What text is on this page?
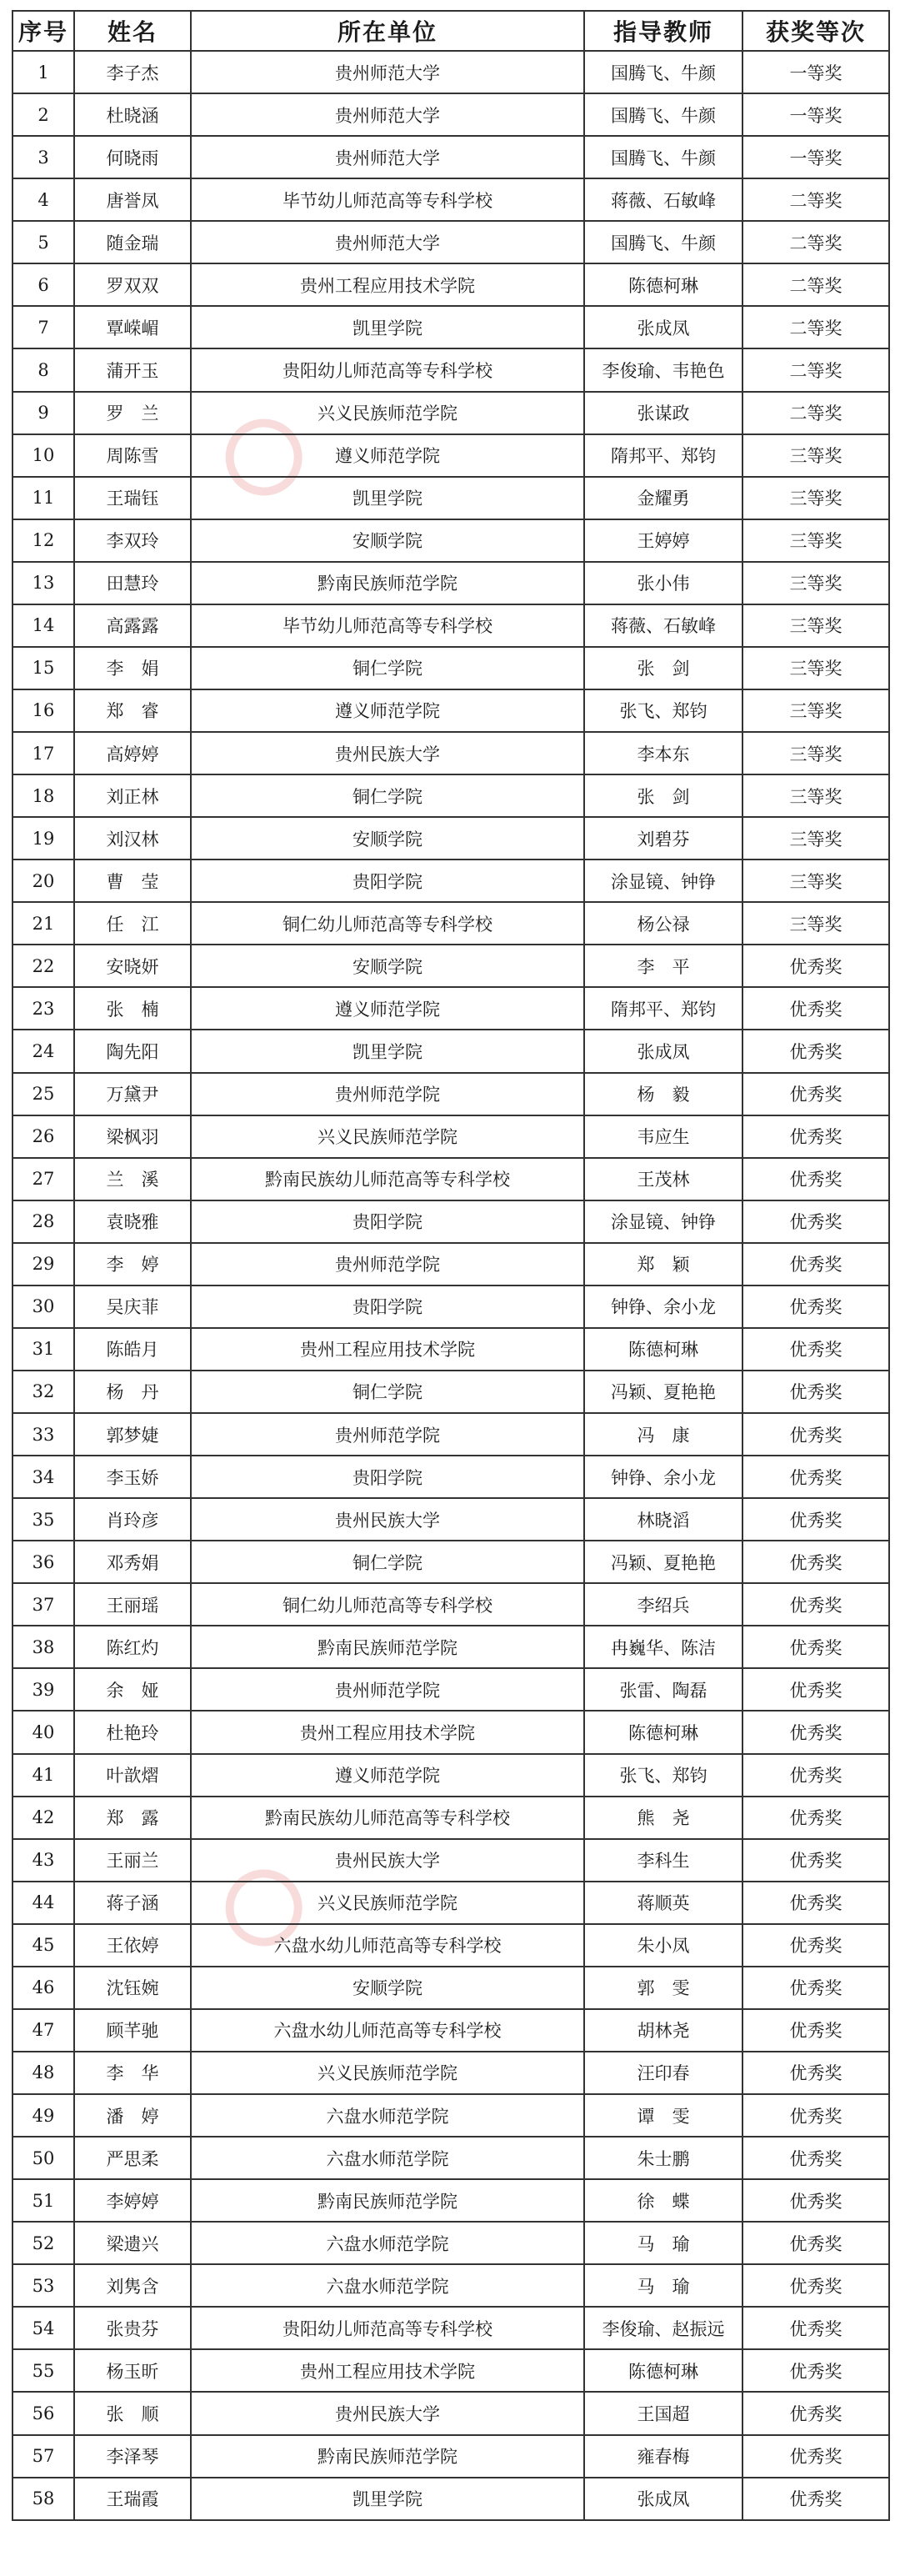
序号	姓名	所在单位	指导教师	获奖等次
1	李子杰	贵州师范大学	国腾飞、牛颜	一等奖
2	杜晓涵	贵州师范大学	国腾飞、牛颜	一等奖
3	何晓雨	贵州师范大学	国腾飞、牛颜	一等奖
4	唐誉凤	毕节幼儿师范高等专科学校	蒋薇、石敏峰	二等奖
5	随金瑞	贵州师范大学	国腾飞、牛颜	二等奖
6	罗双双	贵州工程应用技术学院	陈德柯琳	二等奖
7	覃嵘嵋	凯里学院	张成凤	二等奖
8	蒲开玉	贵阳幼儿师范高等专科学校	李俊瑜、韦艳色	二等奖
9	罗　兰	兴义民族师范学院	张谋政	二等奖
10	周陈雪	遵义师范学院	隋邦平、郑钧	三等奖
11	王瑞钰	凯里学院	金耀勇	三等奖
12	李双玲	安顺学院	王婷婷	三等奖
13	田慧玲	黔南民族师范学院	张小伟	三等奖
14	高露露	毕节幼儿师范高等专科学校	蒋薇、石敏峰	三等奖
15	李　娟	铜仁学院	张　剑	三等奖
16	郑　睿	遵义师范学院	张飞、郑钧	三等奖
17	高婷婷	贵州民族大学	李本东	三等奖
18	刘正林	铜仁学院	张　剑	三等奖
19	刘汉林	安顺学院	刘碧芬	三等奖
20	曹　莹	贵阳学院	涂显镜、钟铮	三等奖
21	任　江	铜仁幼儿师范高等专科学校	杨公禄	三等奖
22	安晓妍	安顺学院	李　平	优秀奖
23	张　楠	遵义师范学院	隋邦平、郑钧	优秀奖
24	陶先阳	凯里学院	张成凤	优秀奖
25	万黛尹	贵州师范学院	杨　毅	优秀奖
26	梁枫羽	兴义民族师范学院	韦应生	优秀奖
27	兰　溪	黔南民族幼儿师范高等专科学校	王茂林	优秀奖
28	袁晓雅	贵阳学院	涂显镜、钟铮	优秀奖
29	李　婷	贵州师范学院	郑　颖	优秀奖
30	吴庆菲	贵阳学院	钟铮、余小龙	优秀奖
31	陈皓月	贵州工程应用技术学院	陈德柯琳	优秀奖
32	杨　丹	铜仁学院	冯颖、夏艳艳	优秀奖
33	郭梦婕	贵州师范学院	冯　康	优秀奖
34	李玉娇	贵阳学院	钟铮、余小龙	优秀奖
35	肖玲彦	贵州民族大学	林晓滔	优秀奖
36	邓秀娟	铜仁学院	冯颖、夏艳艳	优秀奖
37	王丽瑶	铜仁幼儿师范高等专科学校	李绍兵	优秀奖
38	陈红灼	黔南民族师范学院	冉巍华、陈洁	优秀奖
39	余　娅	贵州师范学院	张雷、陶磊	优秀奖
40	杜艳玲	贵州工程应用技术学院	陈德柯琳	优秀奖
41	叶歆熠	遵义师范学院	张飞、郑钧	优秀奖
42	郑　露	黔南民族幼儿师范高等专科学校	熊　尧	优秀奖
43	王丽兰	贵州民族大学	李科生	优秀奖
44	蒋子涵	兴义民族师范学院	蒋顺英	优秀奖
45	王依婷	六盘水幼儿师范高等专科学校	朱小凤	优秀奖
46	沈钰婉	安顺学院	郭　雯	优秀奖
47	顾芊驰	六盘水幼儿师范高等专科学校	胡林尧	优秀奖
48	李　华	兴义民族师范学院	汪印春	优秀奖
49	潘　婷	六盘水师范学院	谭　雯	优秀奖
50	严思柔	六盘水师范学院	朱士鹏	优秀奖
51	李婷婷	黔南民族师范学院	徐　蝶	优秀奖
52	梁遗兴	六盘水师范学院	马　瑜	优秀奖
53	刘隽含	六盘水师范学院	马　瑜	优秀奖
54	张贵芬	贵阳幼儿师范高等专科学校	李俊瑜、赵振远	优秀奖
55	杨玉昕	贵州工程应用技术学院	陈德柯琳	优秀奖
56	张　顺	贵州民族大学	王国超	优秀奖
57	李泽琴	黔南民族师范学院	雍春梅	优秀奖
58	王瑞霞	凯里学院	张成凤	优秀奖
